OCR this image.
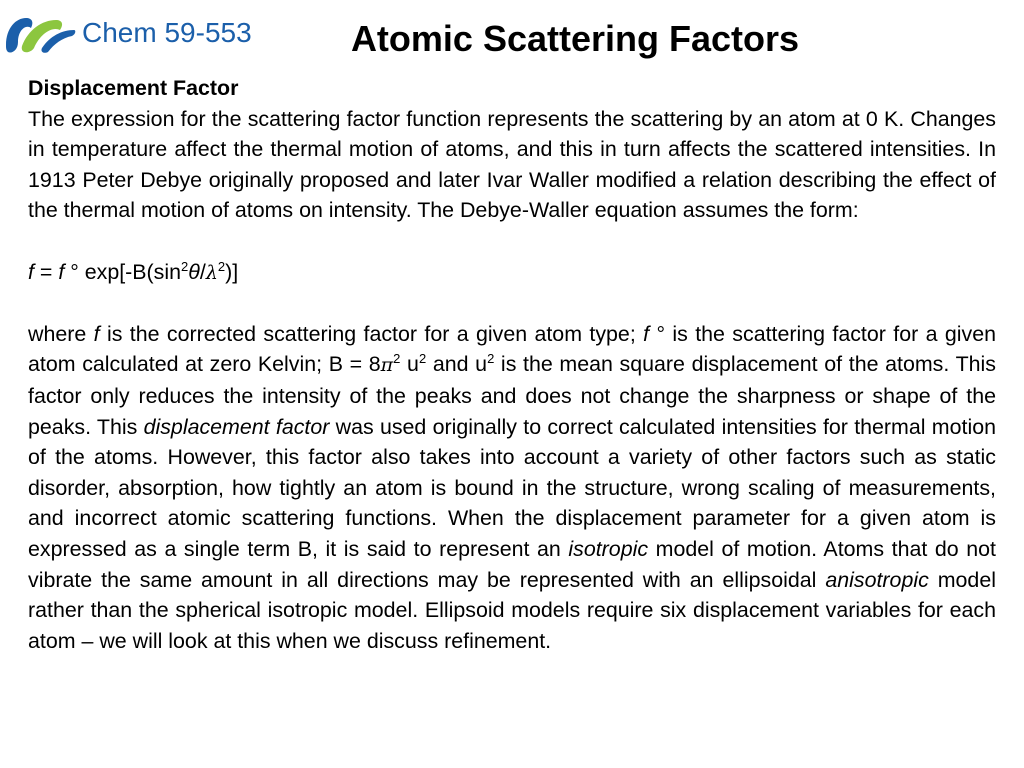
Chem 59-553	Atomic Scattering Factors

Displacement Factor

The expression for the scattering factor function represents the scattering by an atom at 0 K. Changes in temperature affect the thermal motion of atoms, and this in turn affects the scattered intensities. In 1913 Peter Debye originally proposed and later Ivar Waller modified a relation describing the effect of the thermal motion of atoms on intensity. The Debye-Waller equation assumes the form:

f = f ° $\exp[-B(\sin^2\theta/\lambda^2)]$

where f is the corrected scattering factor for a given atom type; f ° is the scattering factor for a given atom calculated at zero Kelvin; $B = 8\pi^2$ $u^2$ and $u^2$ is the mean square displacement of the atoms. This factor only reduces the intensity of the peaks and does not change the sharpness or shape of the peaks. This displacement factor was used originally to correct calculated intensities for thermal motion of the atoms. However, this factor also takes into account a variety of other factors such as static disorder, absorption, how tightly an atom is bound in the structure, wrong scaling of measurements, and incorrect atomic scattering functions. When the displacement parameter for a given atom is expressed as a single term B, it is said to represent an isotropic model of motion. Atoms that do not vibrate the same amount in all directions may be represented with an ellipsoidal anisotropic model rather than the spherical isotropic model. Ellipsoid models require six displacement variables for each atom – we will look at this when we discuss refinement.
